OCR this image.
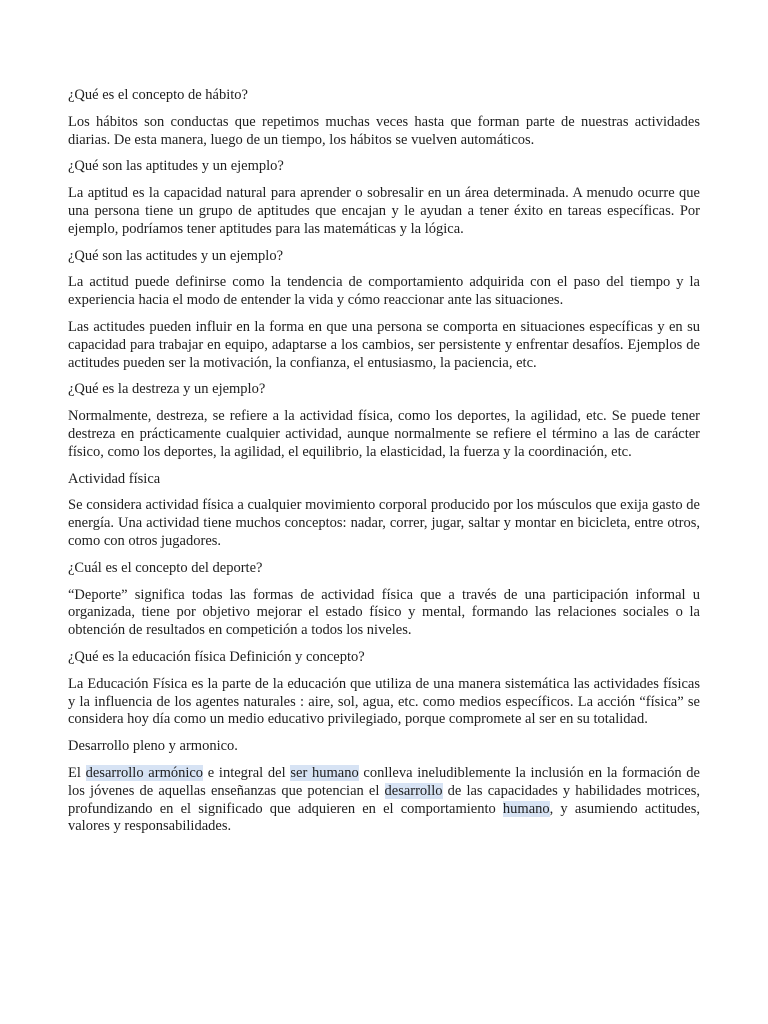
¿Qué es el concepto de hábito?
Los hábitos son conductas que repetimos muchas veces hasta que forman parte de nuestras actividades diarias. De esta manera, luego de un tiempo, los hábitos se vuelven automáticos.
¿Qué son las aptitudes y un ejemplo?
La aptitud es la capacidad natural para aprender o sobresalir en un área determinada. A menudo ocurre que una persona tiene un grupo de aptitudes que encajan y le ayudan a tener éxito en tareas específicas. Por ejemplo, podríamos tener aptitudes para las matemáticas y la lógica.
¿Qué son las actitudes y un ejemplo?
La actitud puede definirse como la tendencia de comportamiento adquirida con el paso del tiempo y la experiencia hacia el modo de entender la vida y cómo reaccionar ante las situaciones.
Las actitudes pueden influir en la forma en que una persona se comporta en situaciones específicas y en su capacidad para trabajar en equipo, adaptarse a los cambios, ser persistente y enfrentar desafíos. Ejemplos de actitudes pueden ser la motivación, la confianza, el entusiasmo, la paciencia, etc.
¿Qué es la destreza y un ejemplo?
Normalmente, destreza, se refiere a la actividad física, como los deportes, la agilidad, etc. Se puede tener destreza en prácticamente cualquier actividad, aunque normalmente se refiere el término a las de carácter físico, como los deportes, la agilidad, el equilibrio, la elasticidad, la fuerza y la coordinación, etc.
Actividad física
Se considera actividad física a cualquier movimiento corporal producido por los músculos que exija gasto de energía. Una actividad tiene muchos conceptos: nadar, correr, jugar, saltar y montar en bicicleta, entre otros, como con otros jugadores.
¿Cuál es el concepto del deporte?
“Deporte” significa todas las formas de actividad física que a través de una participación informal u organizada, tiene por objetivo mejorar el estado físico y mental, formando las relaciones sociales o la obtención de resultados en competición a todos los niveles.
¿Qué es la educación física Definición y concepto?
La Educación Física es la parte de la educación que utiliza de una manera sistemática las actividades físicas y la influencia de los agentes naturales : aire, sol, agua, etc. como medios específicos. La acción “física” se considera hoy día como un medio educativo privilegiado, porque compromete al ser en su totalidad.
Desarrollo pleno y armonico.
El desarrollo armónico e integral del ser humano conlleva ineludiblemente la inclusión en la formación de los jóvenes de aquellas enseñanzas que potencian el desarrollo de las capacidades y habilidades motrices, profundizando en el significado que adquieren en el comportamiento humano, y asumiendo actitudes, valores y responsabilidades.
